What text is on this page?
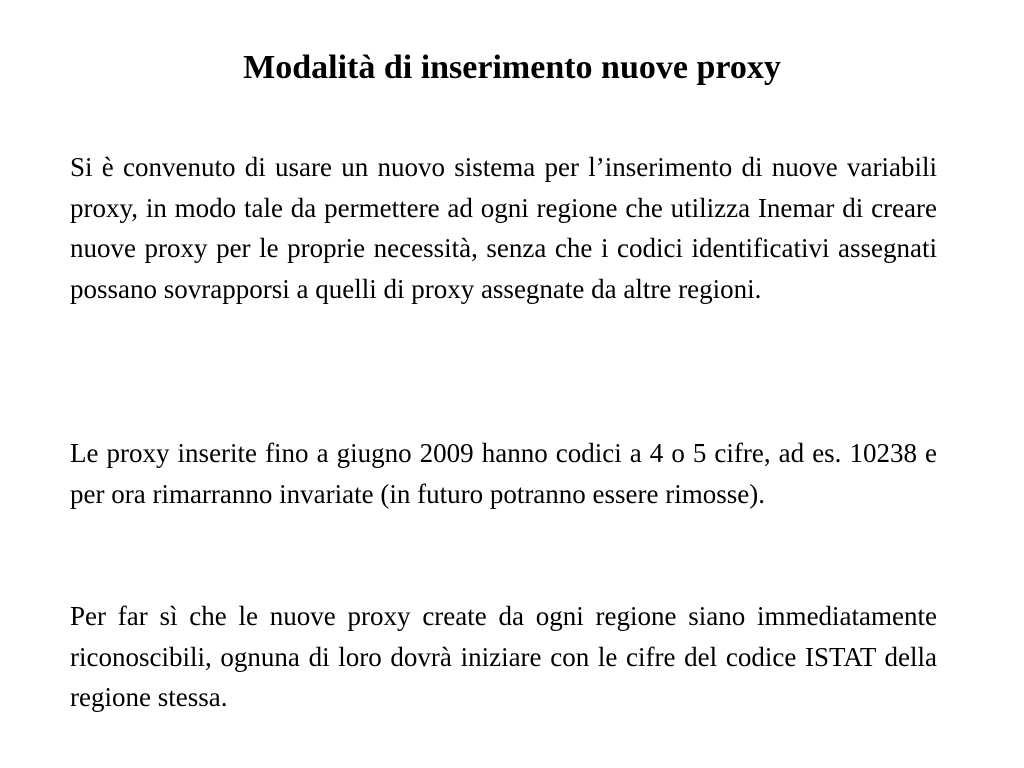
Modalità di inserimento nuove proxy

Si è convenuto di usare un nuovo sistema per l’inserimento di nuove variabili proxy, in modo tale da permettere ad ogni regione che utilizza Inemar di creare nuove proxy per le proprie necessità, senza che i codici identificativi assegnati possano sovrapporsi a quelli di proxy assegnate da altre regioni.

Le proxy inserite fino a giugno 2009 hanno codici a 4 o 5 cifre, ad es. 10238 e per ora rimarranno invariate (in futuro potranno essere rimosse).

Per far sì che le nuove proxy create da ogni regione siano immediatamente riconoscibili, ognuna di loro dovrà iniziare con le cifre del codice ISTAT della regione stessa.
